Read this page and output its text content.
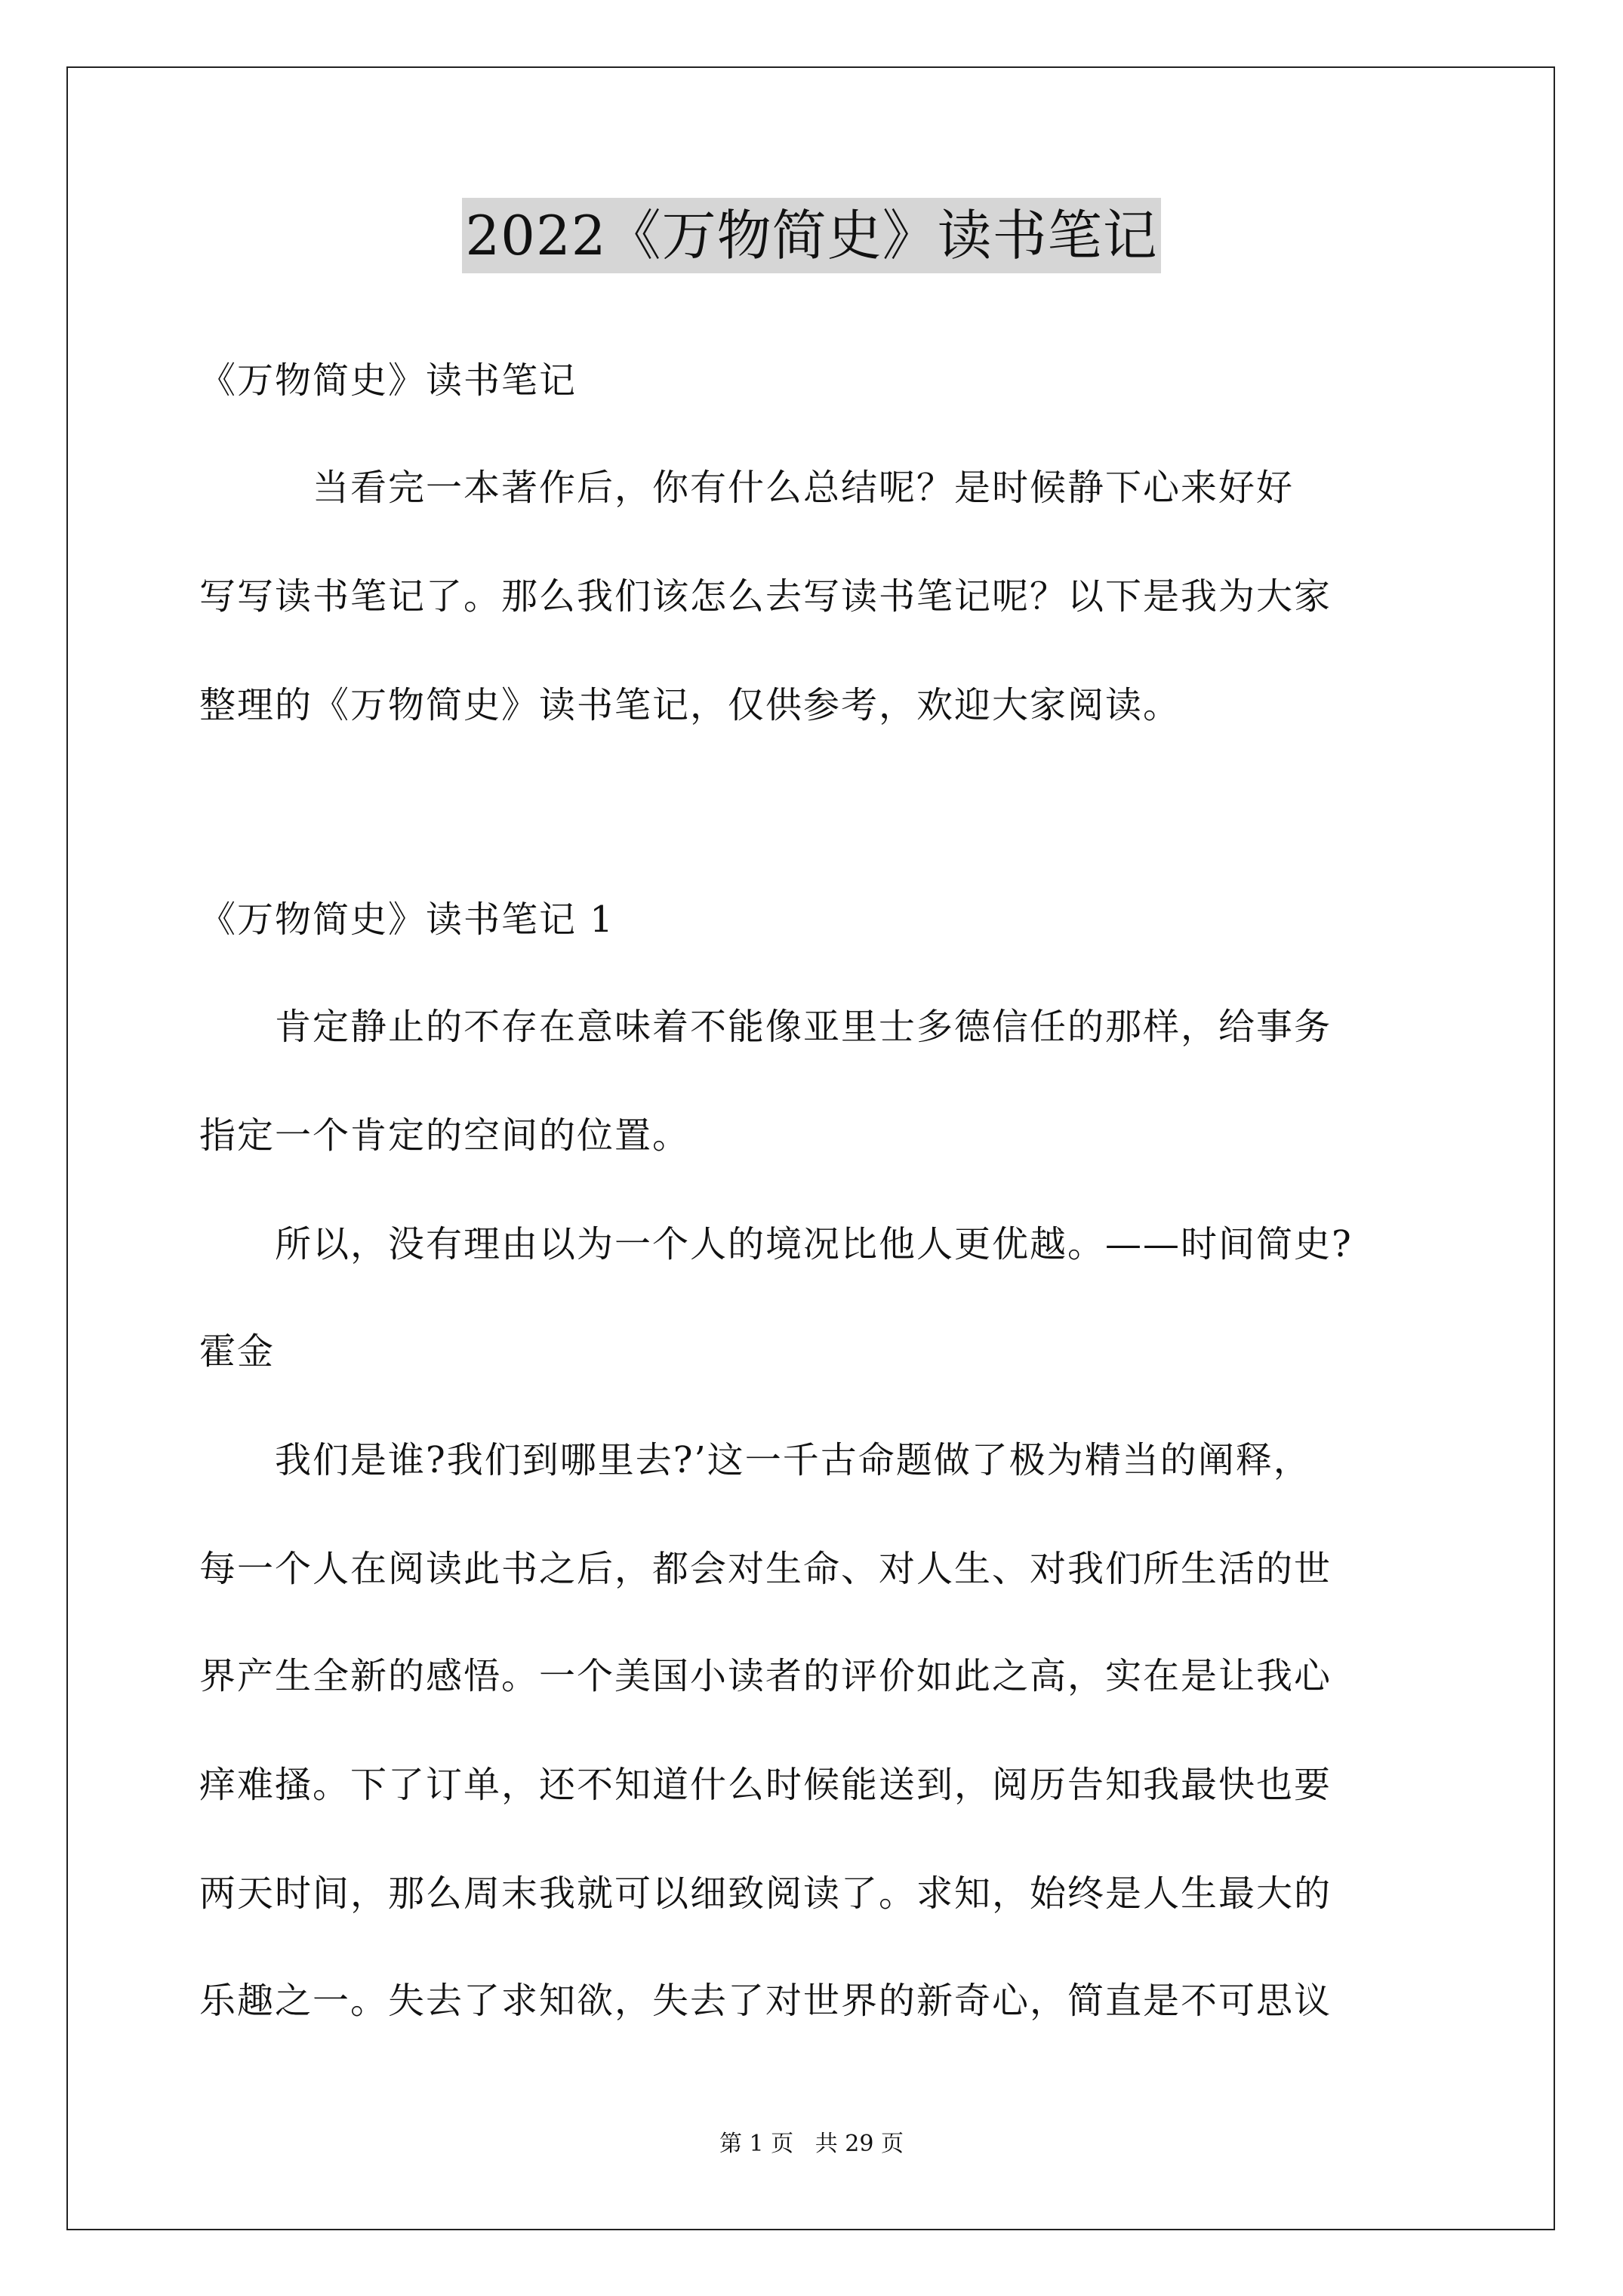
2022《万物简史》读书笔记
《万物简史》读书笔记
　　　当看完一本著作后，你有什么总结呢？是时候静下心来好好
写写读书笔记了。那么我们该怎么去写读书笔记呢？以下是我为大家
整理的《万物简史》读书笔记，仅供参考，欢迎大家阅读。
《万物简史》读书笔记 1
　　肯定静止的不存在意味着不能像亚里士多德信任的那样，给事务
指定一个肯定的空间的位置。
　　所以，没有理由以为一个人的境况比他人更优越。——时间简史?
霍金
　　我们是谁?我们到哪里去?’这一千古命题做了极为精当的阐释，
每一个人在阅读此书之后，都会对生命、对人生、对我们所生活的世
界产生全新的感悟。一个美国小读者的评价如此之高，实在是让我心
痒难搔。下了订单，还不知道什么时候能送到，阅历告知我最快也要
两天时间，那么周末我就可以细致阅读了。求知，始终是人生最大的
乐趣之一。失去了求知欲，失去了对世界的新奇心，简直是不可思议
第 1 页   共 29 页
